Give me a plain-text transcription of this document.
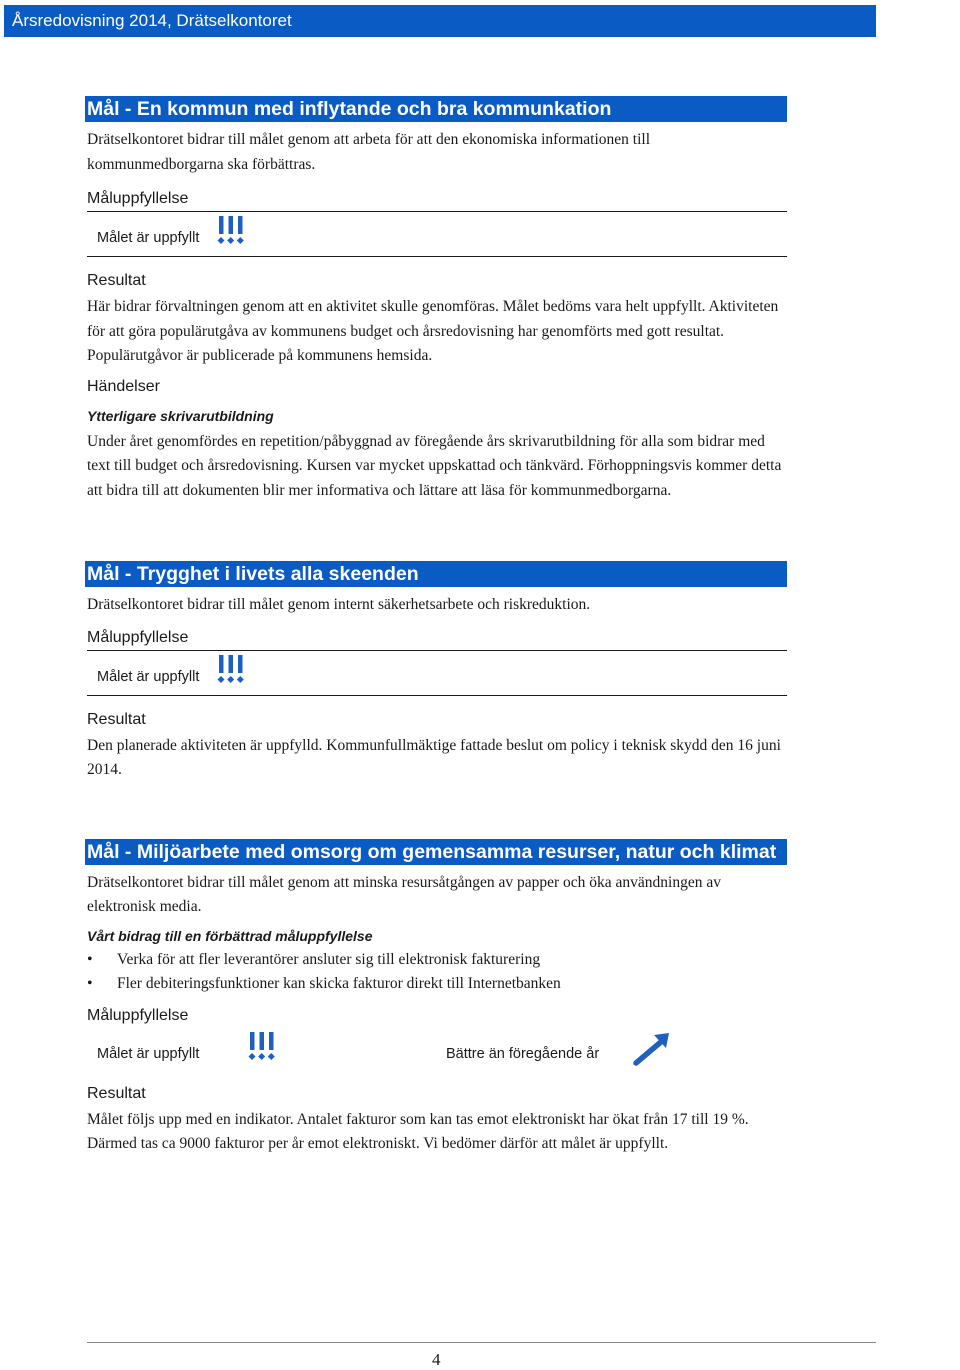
Årsredovisning 2014, Drätselkontoret
Mål - En kommun med inflytande och bra kommunkation

Drätselkontoret bidrar till målet genom att arbeta för att den ekonomiska informationen till kommunmedborgarna ska förbättras.

Måluppfyllelse
Målet är uppfyllt
Resultat

Här bidrar förvaltningen genom att en aktivitet skulle genomföras. Målet bedöms vara helt uppfyllt. Aktiviteten för att göra populärutgåva av kommunens budget och årsredovisning har genomförts med gott resultat. Populärutgåvor är publicerade på kommunens hemsida.

Händelser
Ytterligare skrivarutbildning

Under året genomfördes en repetition/påbyggnad av föregående års skrivarutbildning för alla som bidrar med text till budget och årsredovisning. Kursen var mycket uppskattad och tänkvärd. Förhoppningsvis kommer detta att bidra till att dokumenten blir mer informativa och lättare att läsa för kommunmedborgarna.

Mål - Trygghet i livets alla skeenden

Drätselkontoret bidrar till målet genom internt säkerhetsarbete och riskreduktion.

Måluppfyllelse
Målet är uppfyllt
Resultat

Den planerade aktiviteten är uppfylld. Kommunfullmäktige fattade beslut om policy i teknisk skydd den 16 juni 2014.

Mål - Miljöarbete med omsorg om gemensamma resurser, natur och klimat

Drätselkontoret bidrar till målet genom att minska resursåtgången av papper och öka användningen av elektronisk media.

Vårt bidrag till en förbättrad måluppfyllelse
• Verka för att fler leverantörer ansluter sig till elektronisk fakturering
• Fler debiteringsfunktioner kan skicka fakturor direkt till Internetbanken
Måluppfyllelse
Målet är uppfyllt	Bättre än föregående år
Resultat

Målet följs upp med en indikator. Antalet fakturor som kan tas emot elektroniskt har ökat från 17 till 19 %. Därmed tas ca 9000 fakturor per år emot elektroniskt. Vi bedömer därför att målet är uppfyllt.

4
